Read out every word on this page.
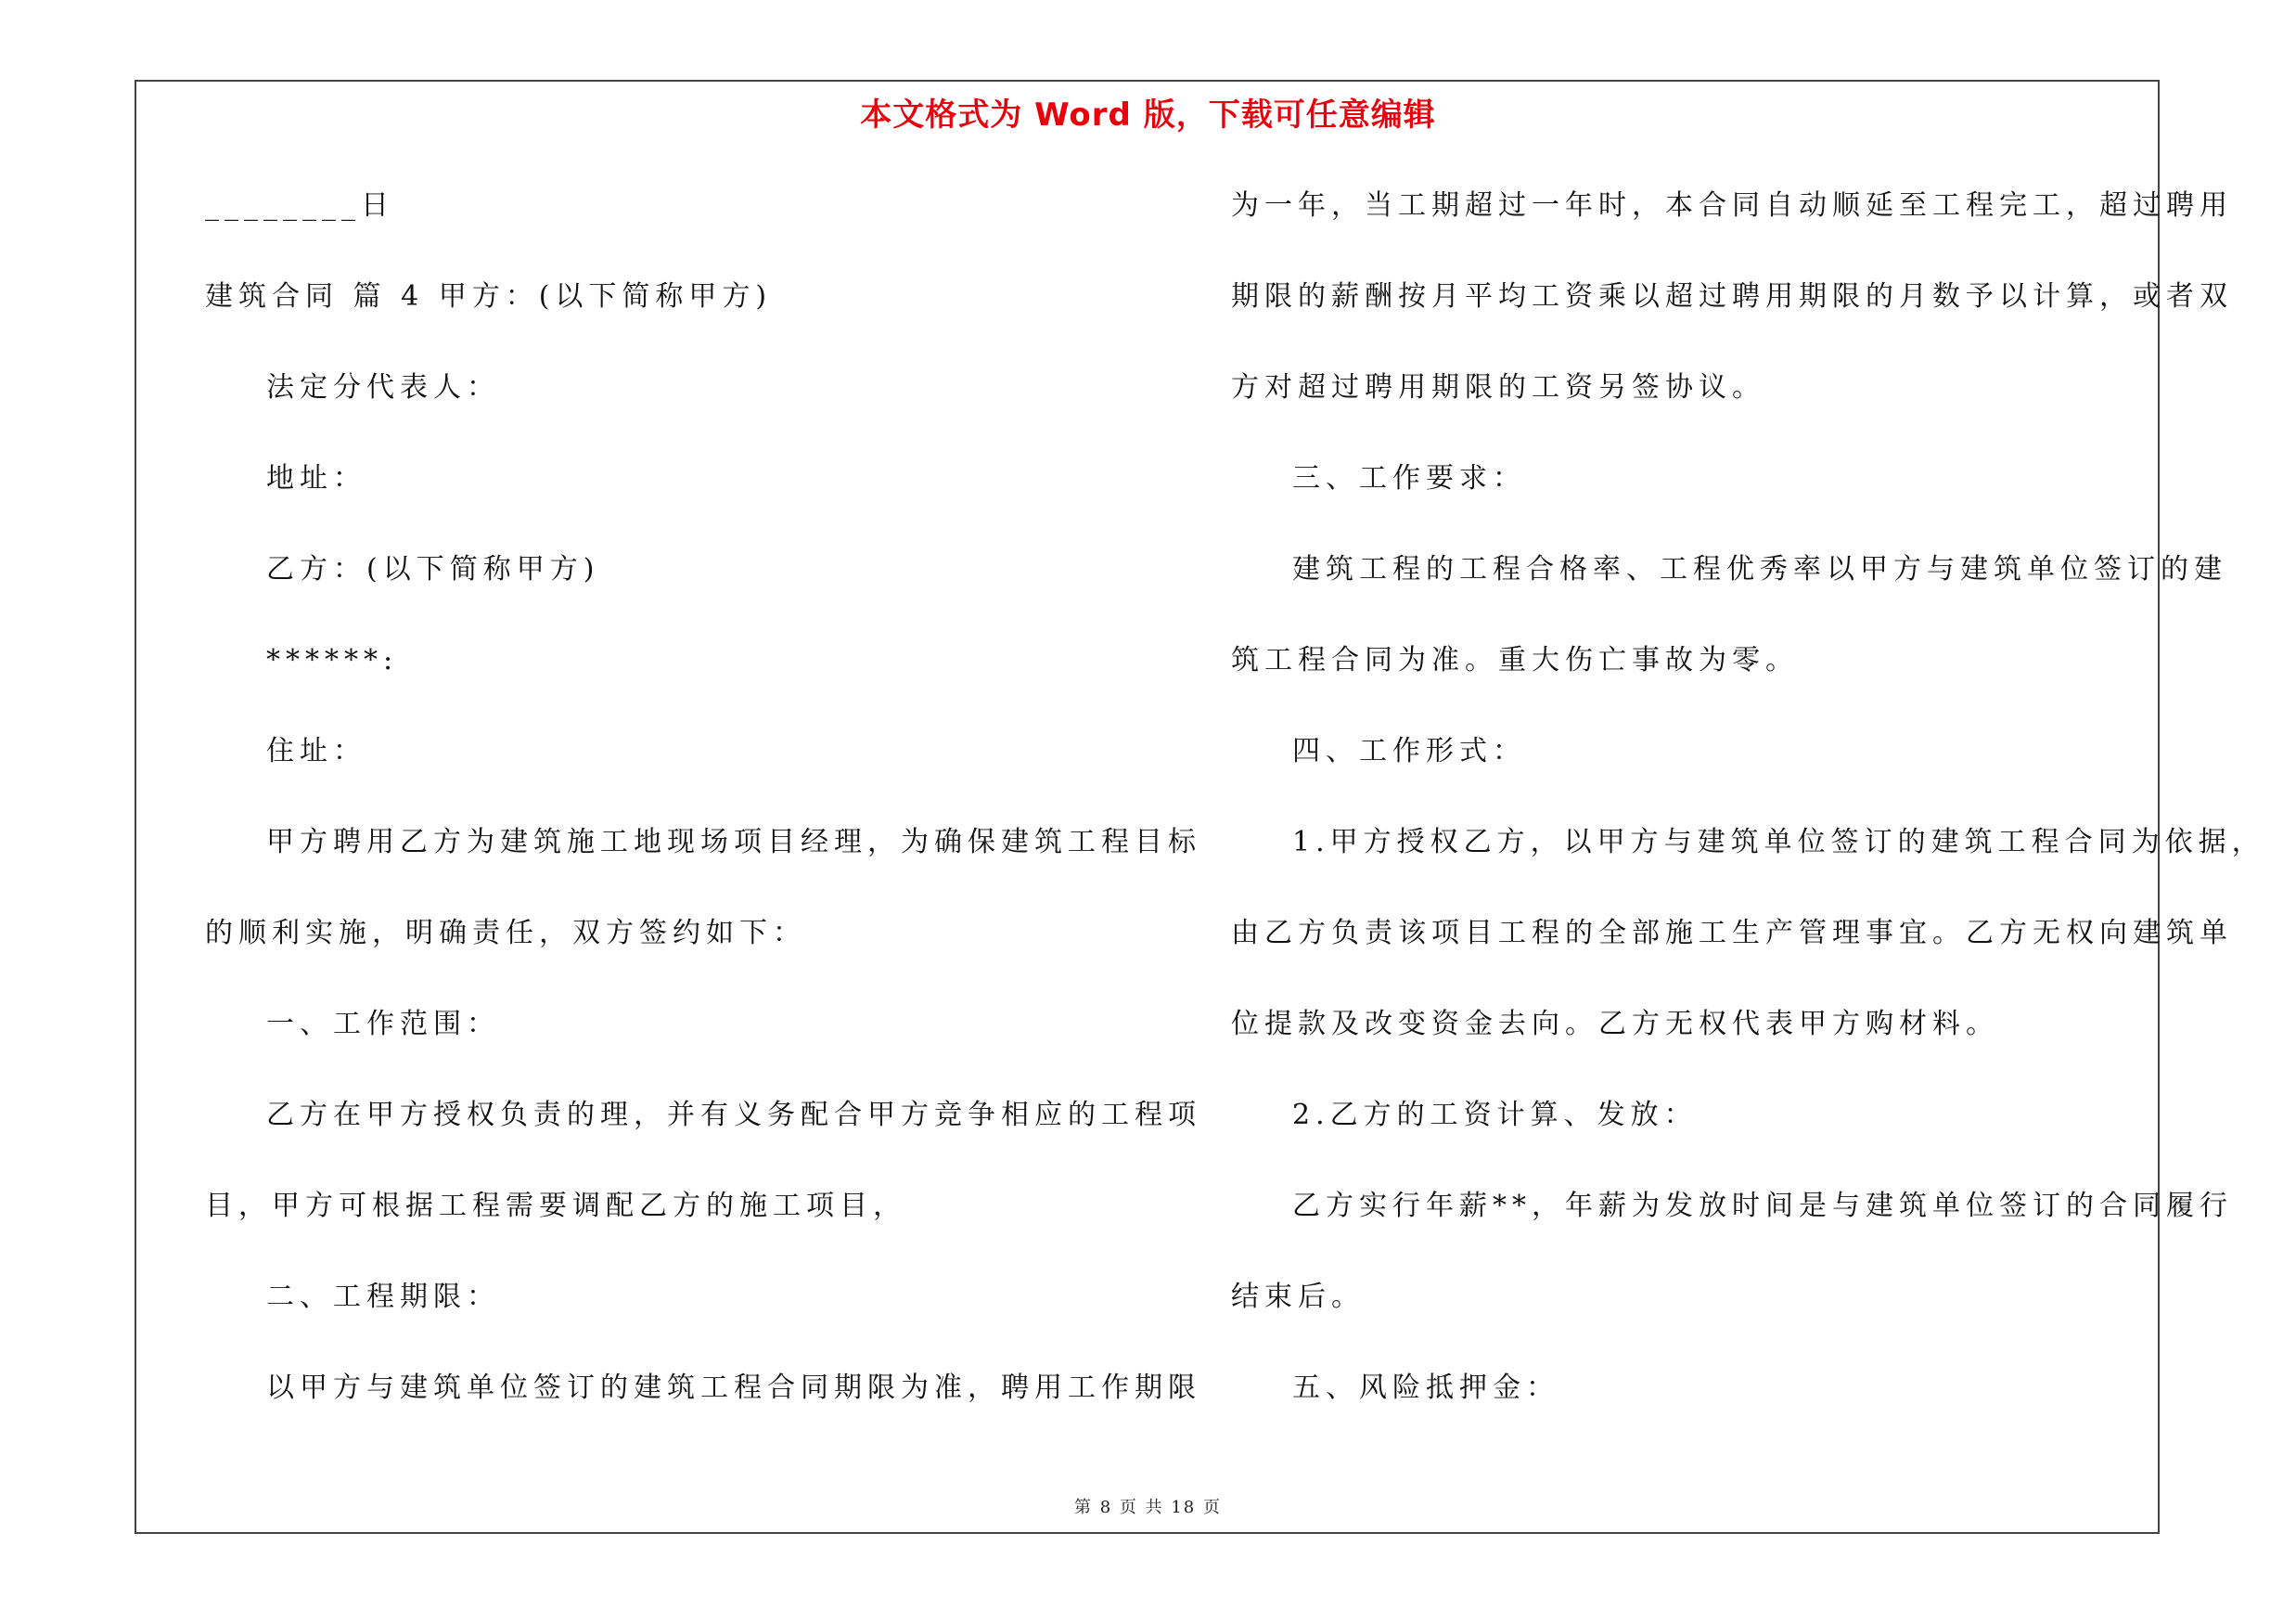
本文格式为 Word 版，下载可任意编辑
________日
建筑合同 篇 4 甲方：(以下简称甲方)
法定分代表人：
地址：
乙方：(以下简称甲方)
******:
住址：
甲方聘用乙方为建筑施工地现场项目经理，为确保建筑工程目标
的顺利实施，明确责任，双方签约如下：
一、工作范围：
乙方在甲方授权负责的理，并有义务配合甲方竞争相应的工程项
目，甲方可根据工程需要调配乙方的施工项目，
二、工程期限：
以甲方与建筑单位签订的建筑工程合同期限为准，聘用工作期限
为一年，当工期超过一年时，本合同自动顺延至工程完工，超过聘用
期限的薪酬按月平均工资乘以超过聘用期限的月数予以计算，或者双
方对超过聘用期限的工资另签协议。
三、工作要求：
建筑工程的工程合格率、工程优秀率以甲方与建筑单位签订的建
筑工程合同为准。重大伤亡事故为零。
四、工作形式：
1.甲方授权乙方，以甲方与建筑单位签订的建筑工程合同为依据，
由乙方负责该项目工程的全部施工生产管理事宜。乙方无权向建筑单
位提款及改变资金去向。乙方无权代表甲方购材料。
2.乙方的工资计算、发放：
乙方实行年薪**，年薪为发放时间是与建筑单位签订的合同履行
结束后。
五、风险抵押金：
第 8 页 共 18 页
